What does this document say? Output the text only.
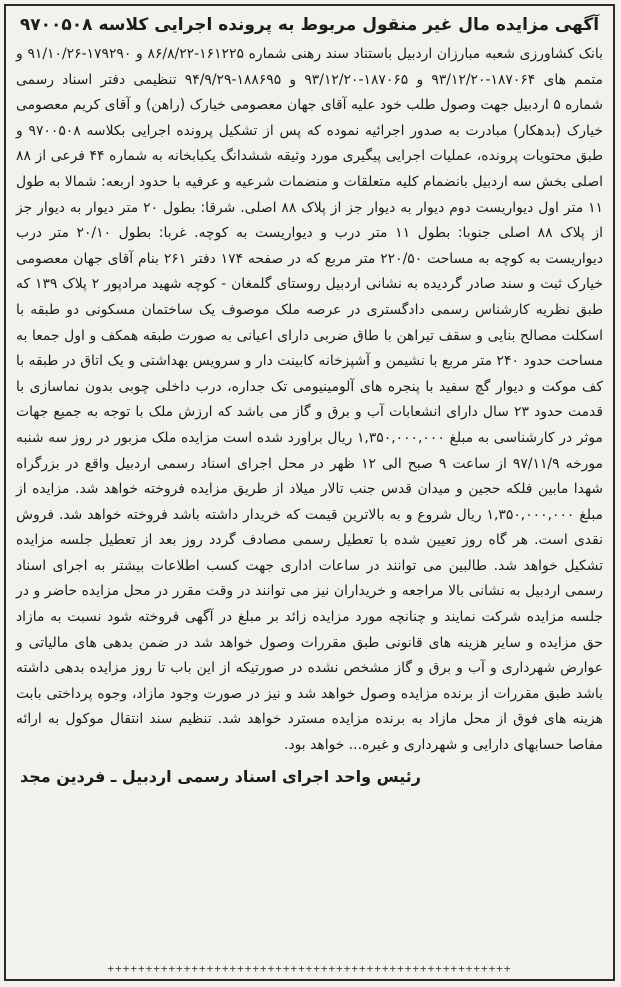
آگهی مزایده مال غیر منقول مربوط به پرونده اجرایی کلاسه ۹۷۰۰۵۰۸

بانک کشاورزی شعبه مبارزان اردبیل باستناد سند رهنی شماره ۱۶۱۲۲۵-۸۶/۸/۲۲ و ۱۷۹۲۹۰-۹۱/۱۰/۲۶ و متمم های ۱۸۷۰۶۴-۹۳/۱۲/۲۰ و ۱۸۷۰۶۵-۹۳/۱۲/۲۰ و ۱۸۸۶۹۵-۹۴/۹/۲۹ تنظیمی دفتر اسناد رسمی شماره ۵ اردبیل جهت وصول طلب خود علیه آقای جهان معصومی خیارک (راهن) و آقای کریم معصومی خیارک (بدهکار) مبادرت به صدور اجرائیه نموده که پس از تشکیل پرونده اجرایی بکلاسه ۹۷۰۰۵۰۸ و طبق محتویات پرونده، عملیات اجرایی پیگیری مورد وثیقه ششدانگ یکبابخانه به شماره ۴۴ فرعی از ۸۸ اصلی بخش سه اردبیل بانضمام کلیه متعلقات و منضمات شرعیه و عرفیه با حدود اربعه: شمالا به طول ۱۱ متر اول دیواریست دوم دیوار به دیوار جز از پلاک ۸۸ اصلی. شرقا: بطول ۲۰ متر دیوار به دیوار جز از پلاک ۸۸ اصلی جنوبا: بطول ۱۱ متر درب و دیواریست به کوچه. غربا: بطول ۲۰/۱۰ متر درب دیواریست به کوچه به مساحت ۲۲۰/۵۰ متر مربع که در صفحه ۱۷۴ دفتر ۲۶۱ بنام آقای جهان معصومی خیارک ثبت و سند صادر گردیده به نشانی اردبیل روستای گلمغان - کوچه شهید مرادپور ۲ پلاک ۱۳۹ که طبق نظریه کارشناس رسمی دادگستری در عرصه ملک موصوف یک ساختمان مسکونی دو طبقه با اسکلت مصالح بنایی و سقف تیراهن با طاق ضربی دارای اعیانی به صورت طبقه همکف و اول جمعا به مساحت حدود ۲۴۰ متر مربع با نشیمن و آشپزخانه کابینت دار و سرویس بهداشتی و یک اتاق در طبقه با کف موکت و دیوار گچ سفید با پنجره های آلومینیومی تک جداره، درب داخلی چوبی بدون نماسازی با قدمت حدود ۲۳ سال دارای انشعابات آب و برق و گاز می باشد که ارزش ملک با توجه به جمیع جهات موثر در کارشناسی به مبلغ ۱,۳۵۰,۰۰۰,۰۰۰ ریال براورد شده است مزایده ملک مزبور در روز سه شنبه مورخه ۹۷/۱۱/۹ از ساعت ۹ صبح الی ۱۲ ظهر در محل اجرای اسناد رسمی اردبیل واقع در بزرگراه شهدا مابین فلکه حجین و میدان قدس جنب تالار میلاد از طریق مزایده فروخته خواهد شد. مزایده از مبلغ ۱,۳۵۰,۰۰۰,۰۰۰ ریال شروع و به بالاترین قیمت که خریدار داشته باشد فروخته خواهد شد. فروش نقدی است. هر گاه روز تعیین شده با تعطیل رسمی مصادف گردد روز بعد از تعطیل جلسه مزایده تشکیل خواهد شد. طالبین می توانند در ساعات اداری جهت کسب اطلاعات بیشتر به اجرای اسناد رسمی اردبیل به نشانی بالا مراجعه و خریداران نیز می توانند در وقت مقرر در محل مزایده حاضر و در جلسه مزایده شرکت نمایند و چنانچه مورد مزایده زائد بر مبلغ در آگهی فروخته شود نسبت به مازاد حق مزایده و سایر هزینه های قانونی طبق مقررات وصول خواهد شد در ضمن بدهی های مالیاتی و عوارض شهرداری و آب و برق و گاز مشخص نشده در صورتیکه از این باب تا روز مزایده بدهی داشته باشد طبق مقررات از برنده مزایده وصول خواهد شد و نیز در صورت وجود مازاد، وجوه پرداختی بابت هزینه های فوق از محل مازاد به برنده مزایده مسترد خواهد شد. تنظیم سند انتقال موکول به ارائه مفاصا حسابهای دارایی و شهرداری و غیره... خواهد بود.

رئیس واحد اجرای اسناد رسمی اردبیل ـ فردین مجد
+++++++++++++++++++++++++++++++++++++++++++++++++++++
